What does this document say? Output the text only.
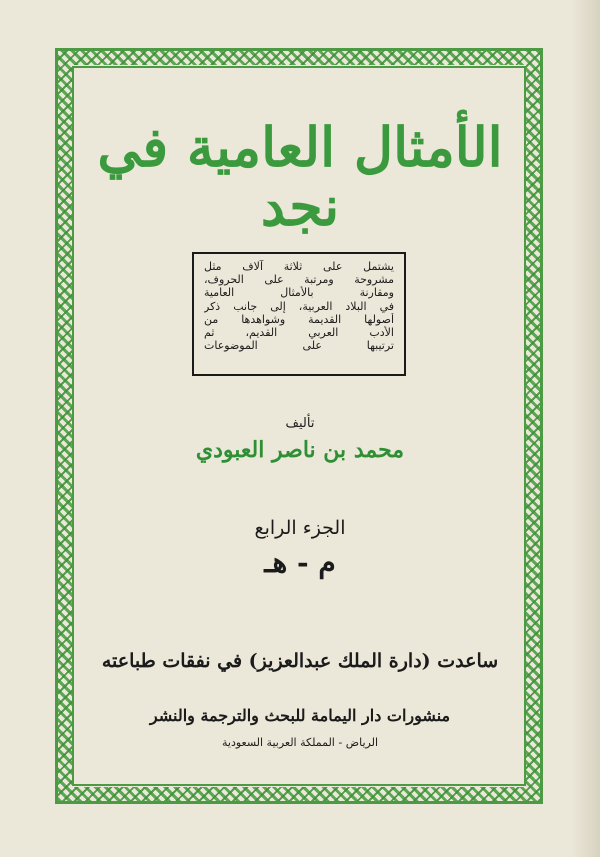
الأمثال العامية في نجد
يشتمل على ثلاثة آلاف مثل
مشروحة ومرتبة على الحروف،
ومقارنة بالأمثال العامية
في البلاد العربية، إلى جانب ذكر
أصولها القديمة وشواهدها من
الأدب العربي القديم، ثم
ترتيبها على الموضوعات
تأليف
محمد بن ناصر العبودي
الجزء الرابع
م - هـ
ساعدت (دارة الملك عبدالعزيز) في نفقات طباعته
منشورات دار اليمامة للبحث والترجمة والنشر
الرياض - المملكة العربية السعودية
